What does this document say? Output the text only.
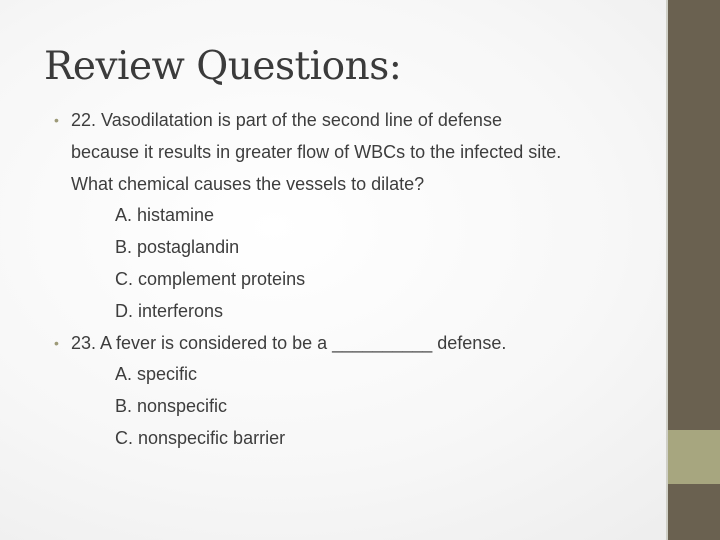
Review Questions:
• 22. Vasodilatation is part of the second line of defense
because it results in greater flow of WBCs to the infected site.
What chemical causes the vessels to dilate?
A. histamine
B. postaglandin
C. complement proteins
D. interferons
• 23. A fever is considered to be a __________ defense.
A. specific
B. nonspecific
C. nonspecific barrier
